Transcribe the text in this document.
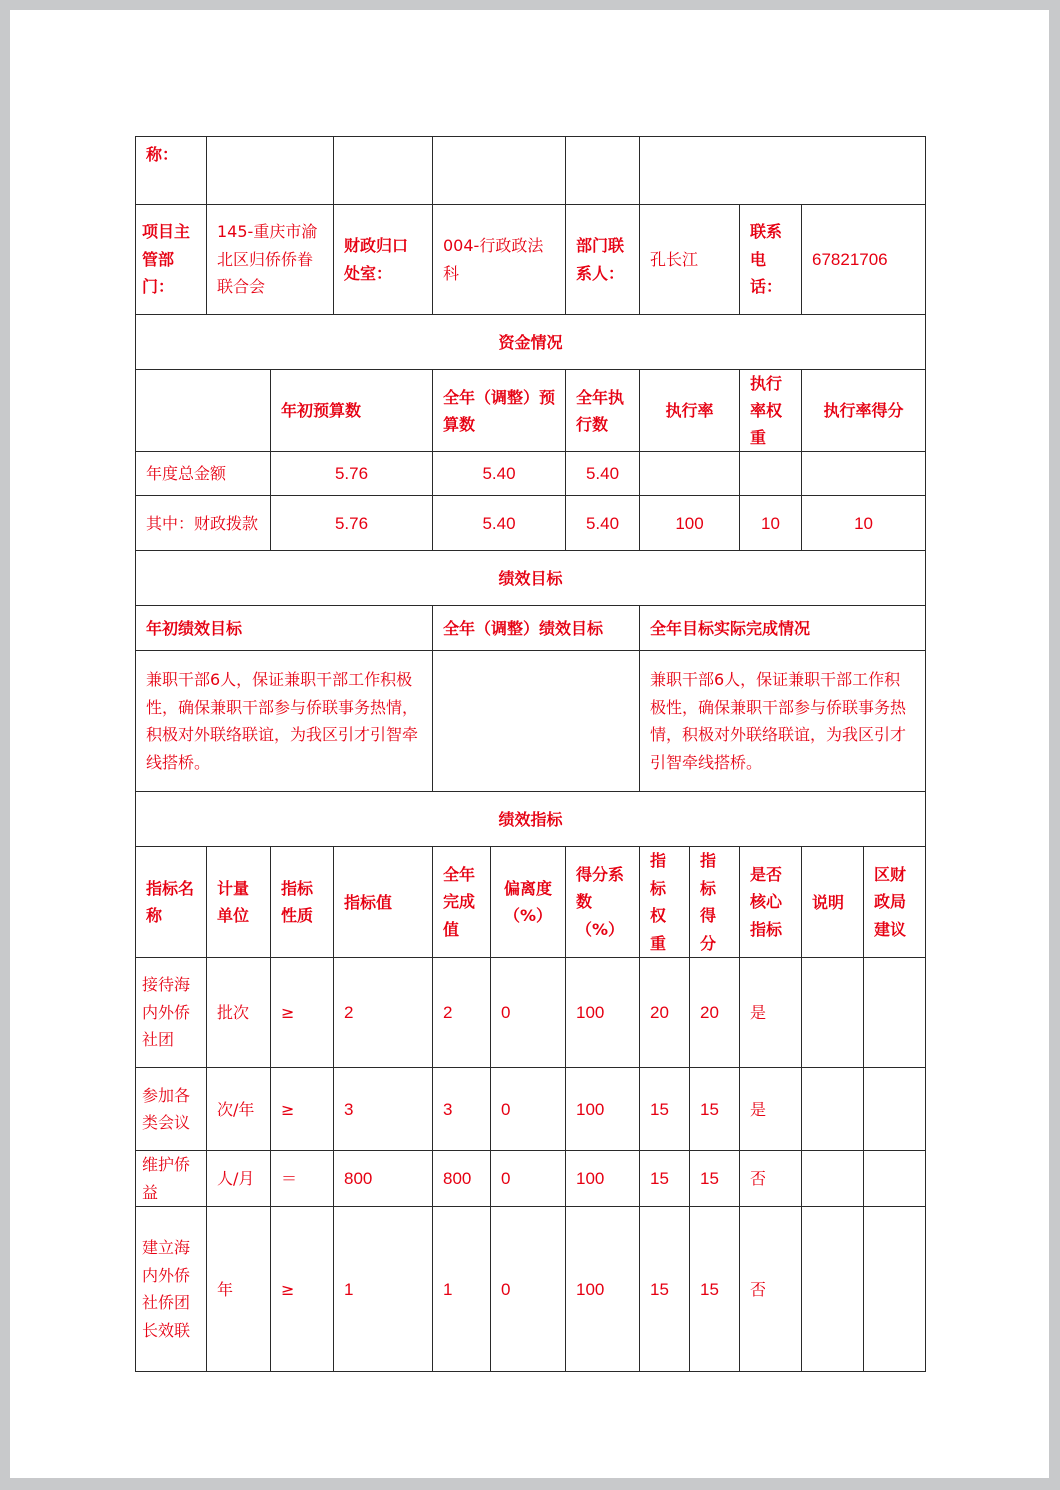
称：											
项目主管部门：	145-重庆市渝北区归侨侨眷联合会		财政归口处室：	004-行政政法科		部门联系人：	孔长江		联系电话：	67821706	
资金情况											
		年初预算数		全年（调整）预算数		全年执行数	执行率		执行率权重	执行率得分	
年度总金额		5.76		5.40		5.40					
其中：财政拨款		5.76		5.40		5.40	100		10	10	
绩效目标											
年初绩效目标				全年（调整）绩效目标			全年目标实际完成情况				
兼职干部6人，保证兼职干部工作积极性，确保兼职干部参与侨联事务热情，积极对外联络联谊，为我区引才引智牵线搭桥。							兼职干部6人，保证兼职干部工作积极性，确保兼职干部参与侨联事务热情，积极对外联络联谊，为我区引才引智牵线搭桥。				
绩效指标											
指标名称	计量单位	指标性质	指标值	全年完成值	偏离度（%）	得分系数（%）	指标权重	指标得分	是否核心指标	说明	区财政局建议
接待海内外侨社团	批次	≥	2	2	0	100	20	20	是		
参加各类会议	次/年	≥	3	3	0	100	15	15	是		
维护侨益	人/月	＝	800	800	0	100	15	15	否		
建立海内外侨社侨团长效联	年	≥	1	1	0	100	15	15	否		
